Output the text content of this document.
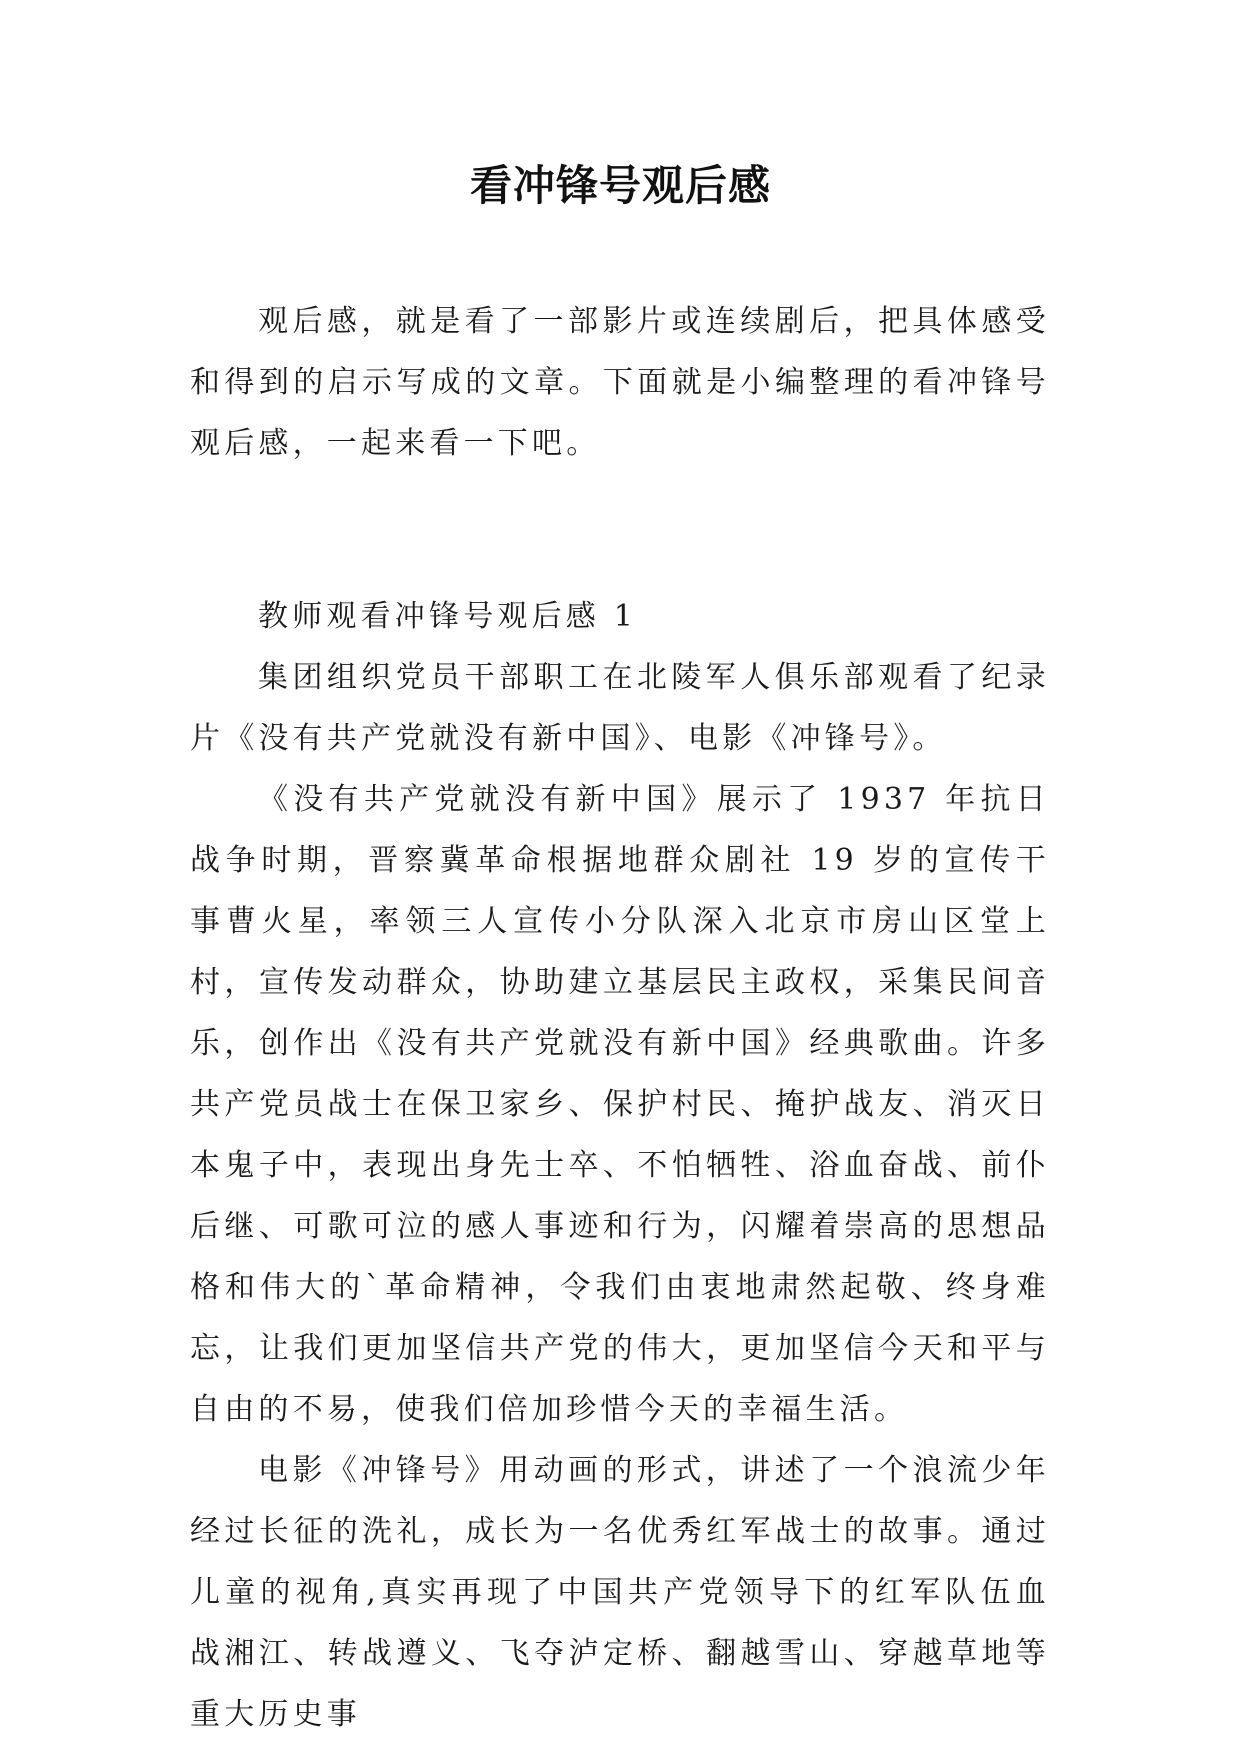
看冲锋号观后感

观后感，就是看了一部影片或连续剧后，把具体感受和得到的启示写成的文章。下面就是小编整理的看冲锋号观后感，一起来看一下吧。

教师观看冲锋号观后感 1

集团组织党员干部职工在北陵军人俱乐部观看了纪录片《没有共产党就没有新中国》、电影《冲锋号》。

《没有共产党就没有新中国》展示了 1937 年抗日战争时期，晋察冀革命根据地群众剧社 19 岁的宣传干事曹火星，率领三人宣传小分队深入北京市房山区堂上村，宣传发动群众，协助建立基层民主政权，采集民间音乐，创作出《没有共产党就没有新中国》经典歌曲。许多共产党员战士在保卫家乡、保护村民、掩护战友、消灭日本鬼子中，表现出身先士卒、不怕牺牲、浴血奋战、前仆后继、可歌可泣的感人事迹和行为，闪耀着崇高的思想品格和伟大的`革命精神，令我们由衷地肃然起敬、终身难忘，让我们更加坚信共产党的伟大，更加坚信今天和平与自由的不易，使我们倍加珍惜今天的幸福生活。

电影《冲锋号》用动画的形式，讲述了一个浪流少年经过长征的洗礼，成长为一名优秀红军战士的故事。通过儿童的视角,真实再现了中国共产党领导下的红军队伍血战湘江、转战遵义、飞夺泸定桥、翻越雪山、穿越草地等重大历史事
